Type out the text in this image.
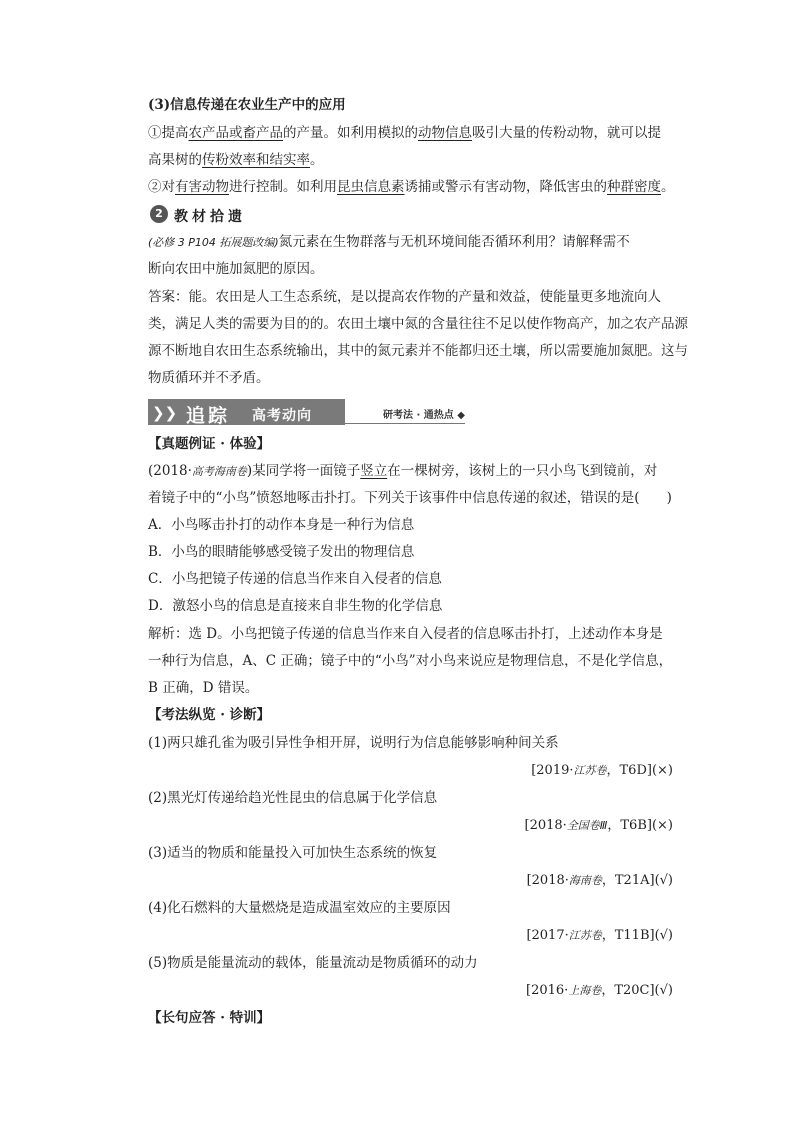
(3)信息传递在农业生产中的应用
①提高农产品或畜产品的产量。如利用模拟的动物信息吸引大量的传粉动物，就可以提
高果树的传粉效率和结实率。
②对有害动物进行控制。如利用昆虫信息素诱捕或警示有害动物，降低害虫的种群密度。
2 教材拾遗
(必修 3 P104 拓展题改编)氮元素在生物群落与无机环境间能否循环利用？请解释需不
断向农田中施加氮肥的原因。
答案：能。农田是人工生态系统，是以提高农作物的产量和效益，使能量更多地流向人
类，满足人类的需要为目的的。农田土壤中氮的含量往往不足以使作物高产，加之农产品源
源不断地自农田生态系统输出，其中的氮元素并不能都归还土壤，所以需要施加氮肥。这与
物质循环并不矛盾。
❯❯ 追踪 高考动向	研考法 · 通热点 ◆
【真题例证 · 体验】
(2018·高考海南卷)某同学将一面镜子竖立在一棵树旁，该树上的一只小鸟飞到镜前，对
着镜子中的“小鸟”愤怒地啄击扑打。下列关于该事件中信息传递的叙述，错误的是(　　)
A．小鸟啄击扑打的动作本身是一种行为信息
B．小鸟的眼睛能够感受镜子发出的物理信息
C．小鸟把镜子传递的信息当作来自入侵者的信息
D．激怒小鸟的信息是直接来自非生物的化学信息
解析：选 D。小鸟把镜子传递的信息当作来自入侵者的信息啄击扑打，上述动作本身是
一种行为信息，A、C 正确；镜子中的“小鸟”对小鸟来说应是物理信息，不是化学信息，
B 正确，D 错误。
【考法纵览 · 诊断】
(1)两只雄孔雀为吸引异性争相开屏，说明行为信息能够影响种间关系
[2019·江苏卷，T6D](×)
(2)黑光灯传递给趋光性昆虫的信息属于化学信息
[2018·全国卷Ⅲ，T6B](×)
(3)适当的物质和能量投入可加快生态系统的恢复
[2018·海南卷，T21A](√)
(4)化石燃料的大量燃烧是造成温室效应的主要原因
[2017·江苏卷，T11B](√)
(5)物质是能量流动的载体，能量流动是物质循环的动力
[2016·上海卷，T20C](√)
【长句应答 · 特训】
